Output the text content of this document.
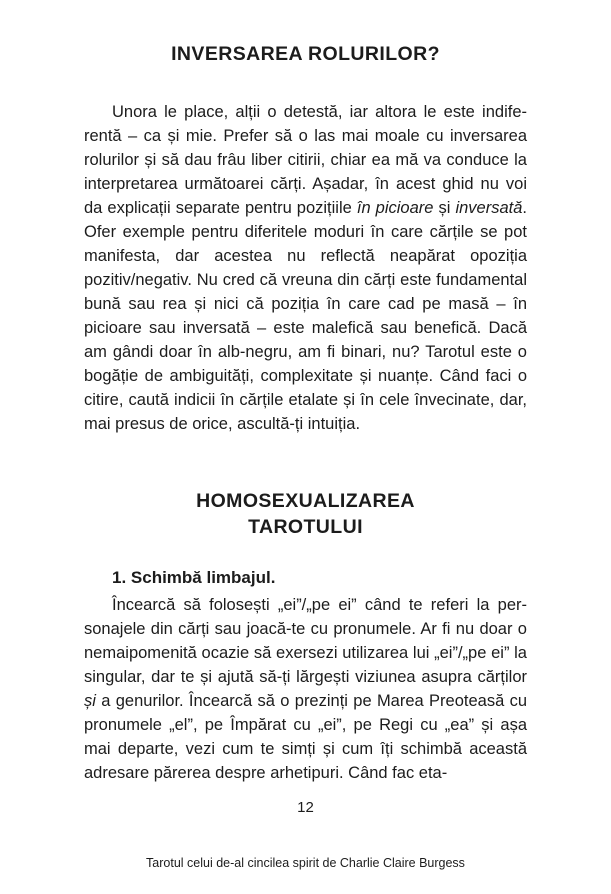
INVERSAREA ROLURILOR?

Unora le place, alții o detestă, iar altora le este indiferentă – ca și mie. Prefer să o las mai moale cu inversarea rolurilor și să dau frâu liber citirii, chiar ea mă va conduce la interpretarea următoarei cărți. Așadar, în acest ghid nu voi da explicații separate pentru pozițiile în picioare și inversată. Ofer exemple pentru diferitele moduri în care cărțile se pot manifesta, dar acestea nu reflectă neapărat opoziția pozitiv/negativ. Nu cred că vreuna din cărți este fundamental bună sau rea și nici că poziția în care cad pe masă – în picioare sau inversată – este malefică sau benefică. Dacă am gândi doar în alb-negru, am fi binari, nu? Tarotul este o bogăție de ambiguități, complexitate și nuanțe. Când faci o citire, caută indicii în cărțile etalate și în cele învecinate, dar, mai presus de orice, ascultă-ți intuiția.

HOMOSEXUALIZAREA
TAROTULUI

1. Schimbă limbajul.

Încearcă să folosești „ei”/„pe ei” când te referi la personajele din cărți sau joacă-te cu pronumele. Ar fi nu doar o nemaipomenită ocazie să exersezi utilizarea lui „ei”/„pe ei” la singular, dar te și ajută să-ți lărgești viziunea asupra cărților și a genurilor. Încearcă să o prezinți pe Marea Preoteasă cu pronumele „el”, pe Împărat cu „ei”, pe Regi cu „ea” și așa mai departe, vezi cum te simți și cum îți schimbă această adresare părerea despre arhetipuri. Când fac eta-

12
Tarotul celui de-al cincilea spirit de Charlie Claire Burgess
